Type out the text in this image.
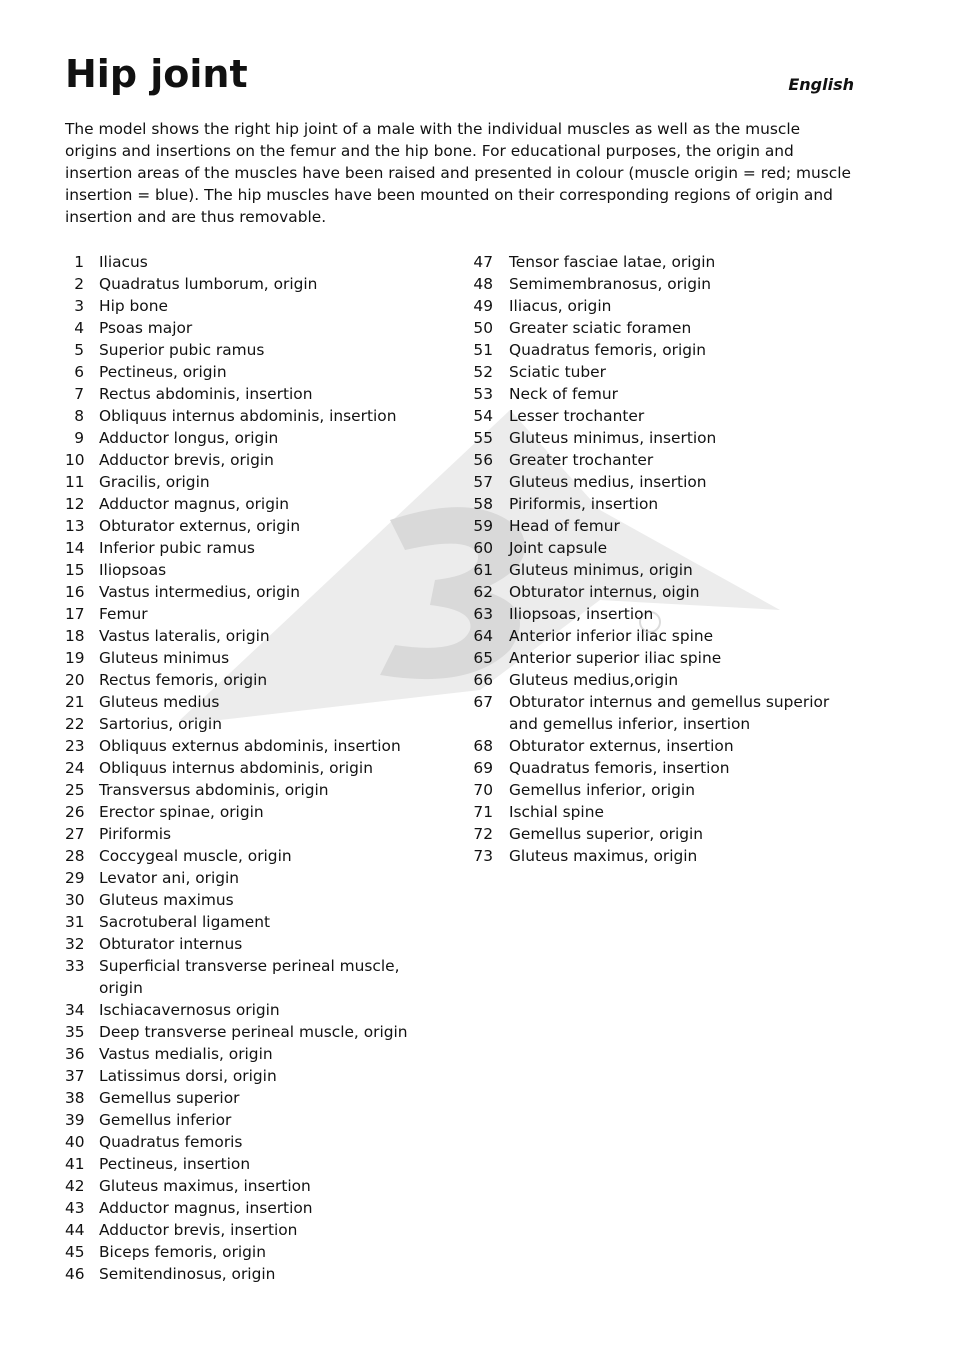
Hip joint	English

The model shows the right hip joint of a male with the individual muscles as well as the muscle origins and insertions on the femur and the hip bone. For educational purposes, the origin and insertion areas of the muscles have been raised and presented in colour (muscle origin = red; muscle insertion = blue). The hip muscles have been mounted on their corresponding regions of origin and insertion and are thus removable.

1 Iliacus
2 Quadratus lumborum, origin
3 Hip bone
4 Psoas major
5 Superior pubic ramus
6 Pectineus, origin
7 Rectus abdominis, insertion
8 Obliquus internus abdominis, insertion
9 Adductor longus, origin
10 Adductor brevis, origin
11 Gracilis, origin
12 Adductor magnus, origin
13 Obturator externus, origin
14 Inferior pubic ramus
15 Iliopsoas
16 Vastus intermedius, origin
17 Femur
18 Vastus lateralis, origin
19 Gluteus minimus
20 Rectus femoris, origin
21 Gluteus medius
22 Sartorius, origin
23 Obliquus externus abdominis, insertion
24 Obliquus internus abdominis, origin
25 Transversus abdominis, origin
26 Erector spinae, origin
27 Piriformis
28 Coccygeal muscle, origin
29 Levator ani, origin
30 Gluteus maximus
31 Sacrotuberal ligament
32 Obturator internus
33 Superficial transverse perineal muscle, origin
34 Ischiacavernosus origin
35 Deep transverse perineal muscle, origin
36 Vastus medialis, origin
37 Latissimus dorsi, origin
38 Gemellus superior
39 Gemellus inferior
40 Quadratus femoris
41 Pectineus, insertion
42 Gluteus maximus, insertion
43 Adductor magnus, insertion
44 Adductor brevis, insertion
45 Biceps femoris, origin
46 Semitendinosus, origin
47 Tensor fasciae latae, origin
48 Semimembranosus, origin
49 Iliacus, origin
50 Greater sciatic foramen
51 Quadratus femoris, origin
52 Sciatic tuber
53 Neck of femur
54 Lesser trochanter
55 Gluteus minimus, insertion
56 Greater trochanter
57 Gluteus medius, insertion
58 Piriformis, insertion
59 Head of femur
60 Joint capsule
61 Gluteus minimus, origin
62 Obturator internus, oigin
63 Iliopsoas, insertion
64 Anterior inferior iliac spine
65 Anterior superior iliac spine
66 Gluteus medius,origin
67 Obturator internus and gemellus superior and gemellus inferior, insertion
68 Obturator externus, insertion
69 Quadratus femoris, insertion
70 Gemellus inferior, origin
71 Ischial spine
72 Gemellus superior, origin
73 Gluteus maximus, origin
